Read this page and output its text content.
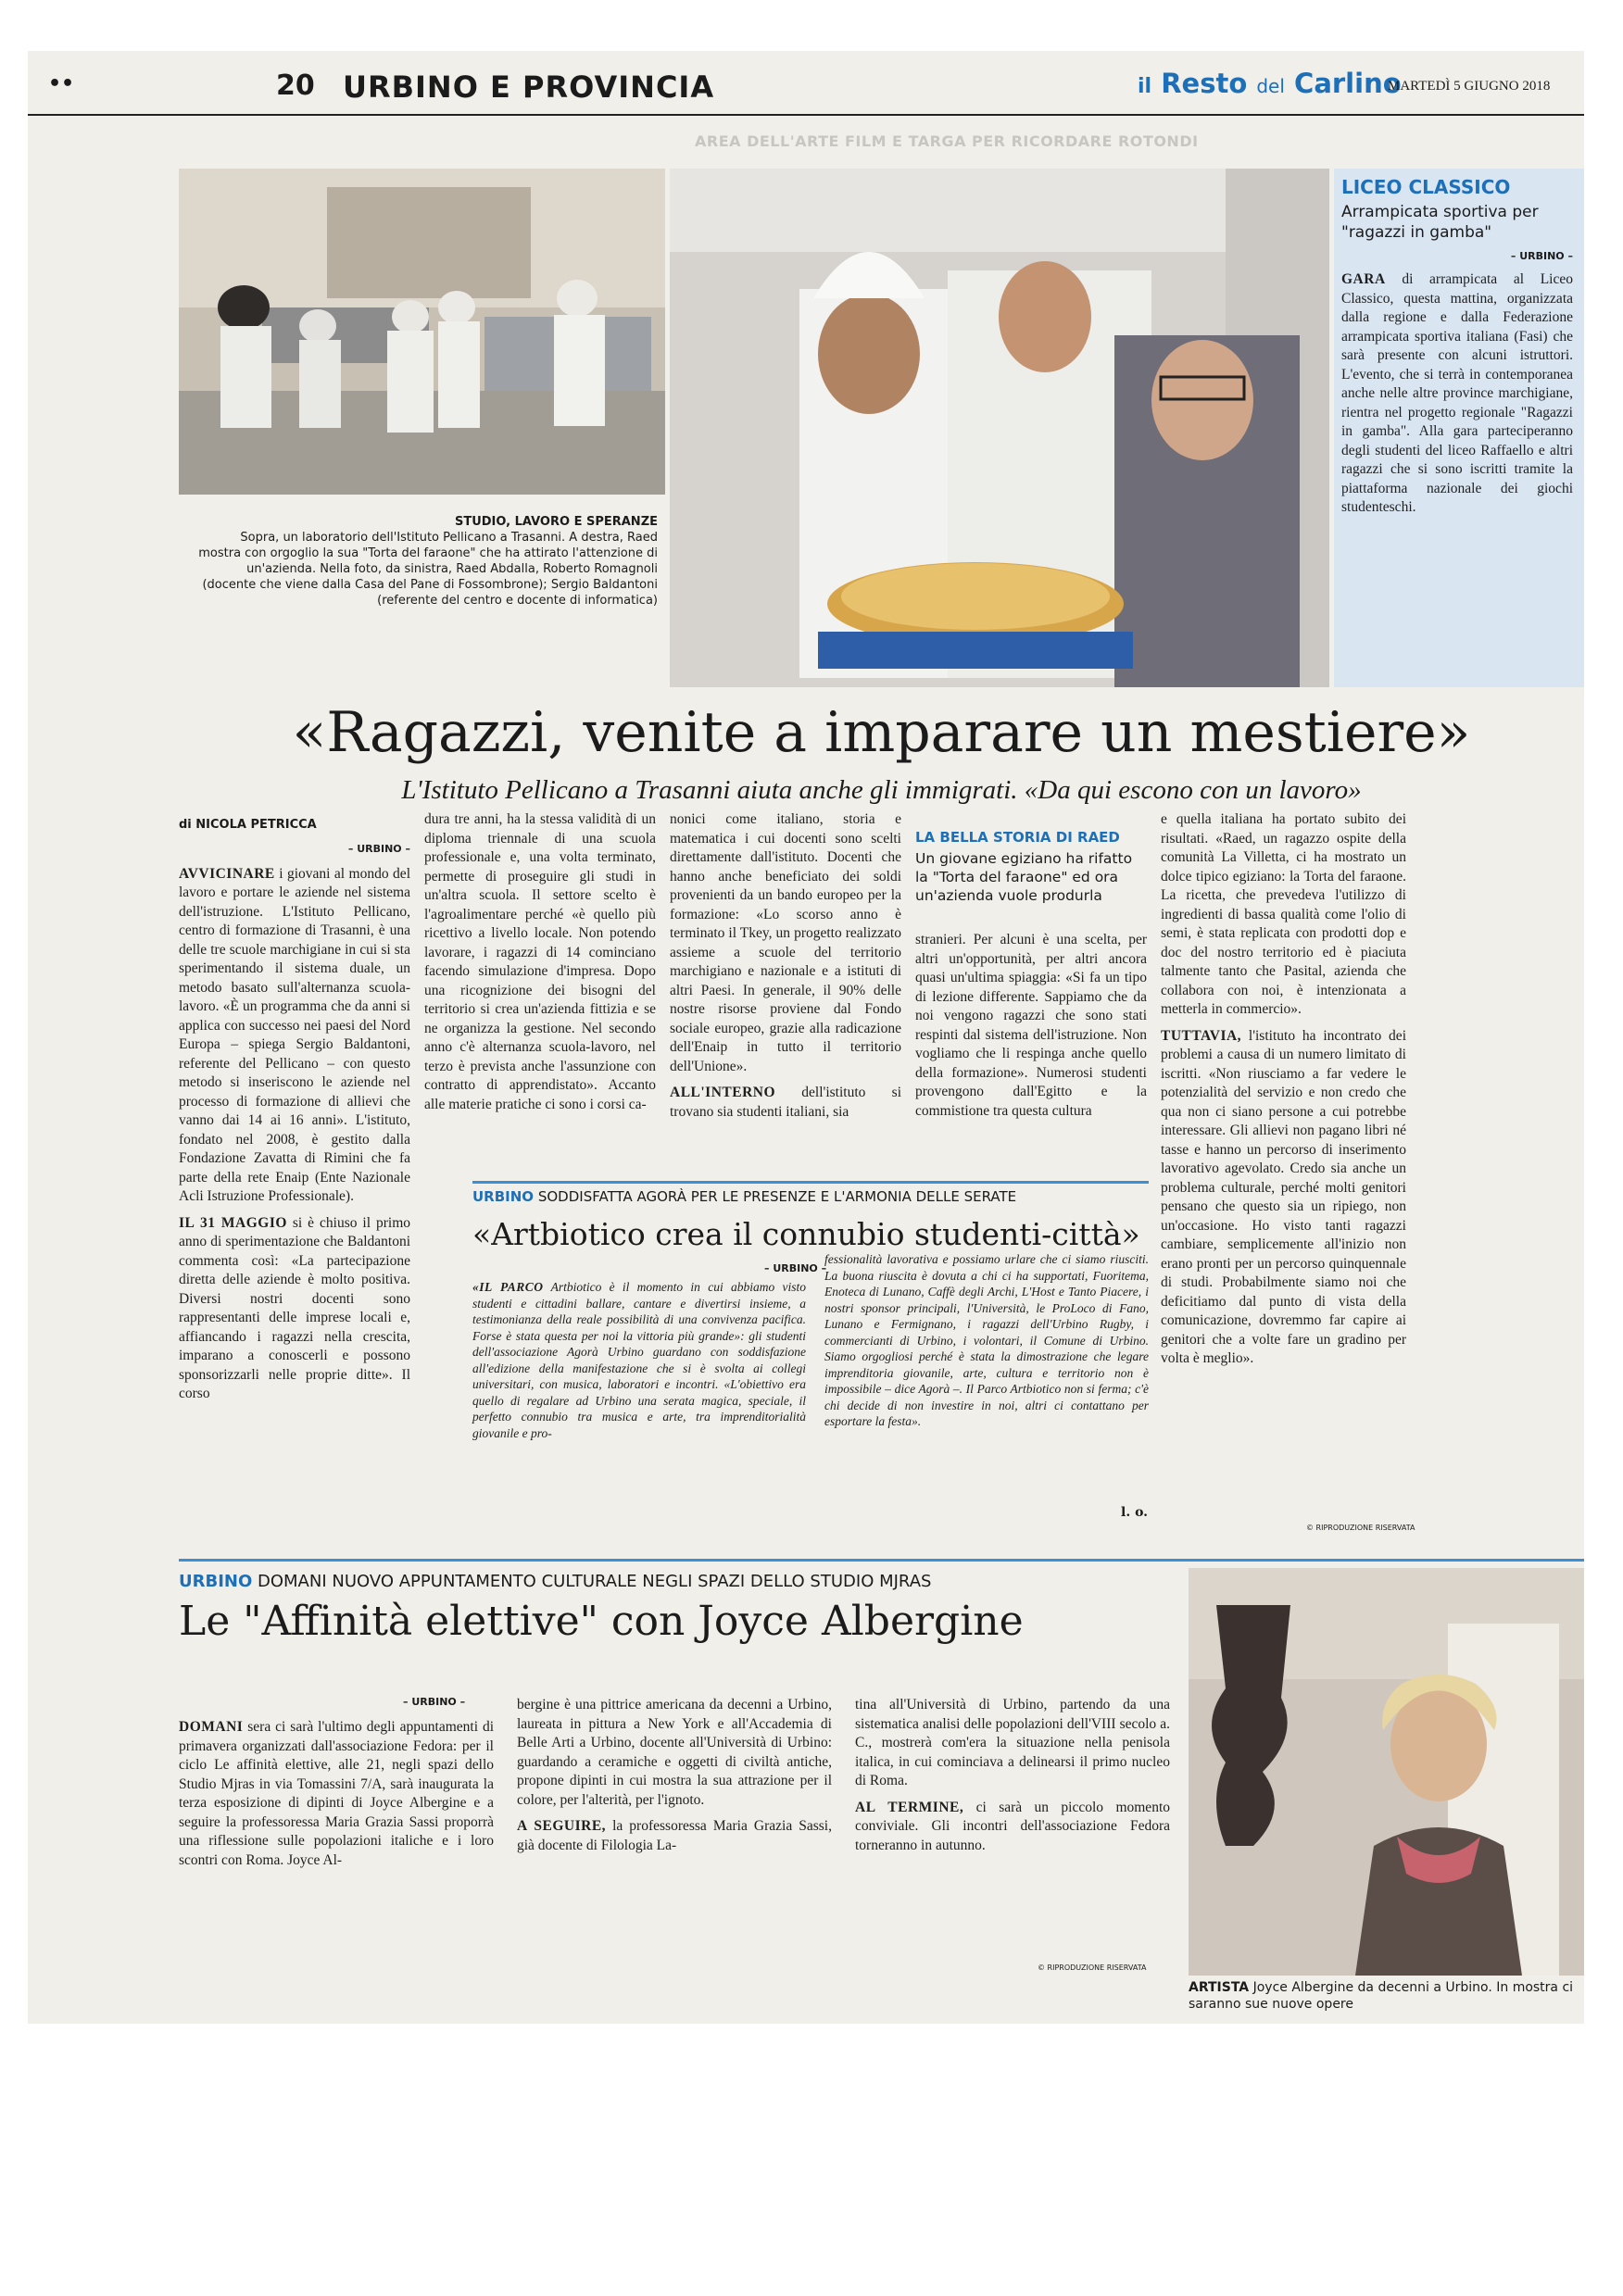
••	20 URBINO E PROVINCIA	il Resto del Carlino
MARTEDÌ 5 GIUGNO 2018
AREA DELL'ARTE FILM E TARGA PER RICORDARE ROTONDI
STUDIO, LAVORO E SPERANZE
Sopra, un laboratorio dell'Istituto Pellicano a Trasanni. A destra, Raed mostra con orgoglio la sua "Torta del faraone" che ha attirato l'attenzione di un'azienda. Nella foto, da sinistra, Raed Abdalla, Roberto Romagnoli (docente che viene dalla Casa del Pane di Fossombrone); Sergio Baldantoni (referente del centro e docente di informatica)
LICEO CLASSICO
Arrampicata sportiva per "ragazzi in gamba"
– URBINO –
GARA di arrampicata al Liceo Classico, questa mattina, organizzata dalla regione e dalla Federazione arrampicata sportiva italiana (Fasi) che sarà presente con alcuni istruttori. L'evento, che si terrà in contemporanea anche nelle altre province marchigiane, rientra nel progetto regionale "Ragazzi in gamba". Alla gara parteciperanno degli studenti del liceo Raffaello e altri ragazzi che si sono iscritti tramite la piattaforma nazionale dei giochi studenteschi.
«Ragazzi, venite a imparare un mestiere»
L'Istituto Pellicano a Trasanni aiuta anche gli immigrati. «Da qui escono con un lavoro»
di NICOLA PETRICCA
– URBINO –

AVVICINARE i giovani al mondo del lavoro e portare le aziende nel sistema dell'istruzione. L'Istituto Pellicano, centro di formazione di Trasanni, è una delle tre scuole marchigiane in cui si sta sperimentando il sistema duale, un metodo basato sull'alternanza scuola-lavoro. «È un programma che da anni si applica con successo nei paesi del Nord Europa – spiega Sergio Baldantoni, referente del Pellicano – con questo metodo si inseriscono le aziende nel processo di formazione di allievi che vanno dai 14 ai 16 anni». L'istituto, fondato nel 2008, è gestito dalla Fondazione Zavatta di Rimini che fa parte della rete Enaip (Ente Nazionale Acli Istruzione Professionale).

IL 31 MAGGIO si è chiuso il primo anno di sperimentazione che Baldantoni commenta così: «La partecipazione diretta delle aziende è molto positiva. Diversi nostri docenti sono rappresentanti delle imprese locali e, affiancando i ragazzi nella crescita, imparano a conoscerli e possono sponsorizzarli nelle proprie ditte». Il corso

dura tre anni, ha la stessa validità di un diploma triennale di una scuola professionale e, una volta terminato, permette di proseguire gli studi in un'altra scuola. Il settore scelto è l'agroalimentare perché «è quello più ricettivo a livello locale. Non potendo lavorare, i ragazzi di 14 cominciano facendo simulazione d'impresa. Dopo una ricognizione dei bisogni del territorio si crea un'azienda fittizia e se ne organizza la gestione. Nel secondo anno c'è alternanza scuola-lavoro, nel terzo è prevista anche l'assunzione con contratto di apprendistato». Accanto alle materie pratiche ci sono i corsi ca-

nonici come italiano, storia e matematica i cui docenti sono scelti direttamente dall'istituto. Docenti che hanno anche beneficiato dei soldi provenienti da un bando europeo per la formazione: «Lo scorso anno è terminato il Tkey, un progetto realizzato assieme a scuole del territorio marchigiano e nazionale e a istituti di altri Paesi. In generale, il 90% delle nostre risorse proviene dal Fondo sociale europeo, grazie alla radicazione dell'Enaip in tutto il territorio dell'Unione».

ALL'INTERNO dell'istituto si trovano sia studenti italiani, sia

LA BELLA STORIA DI RAED
Un giovane egiziano ha rifatto la "Torta del faraone" ed ora un'azienda vuole produrla

stranieri. Per alcuni è una scelta, per altri un'opportunità, per altri ancora quasi un'ultima spiaggia: «Si fa un tipo di lezione differente. Sappiamo che da noi vengono ragazzi che sono stati respinti dal sistema dell'istruzione. Non vogliamo che li respinga anche quello della formazione». Numerosi studenti provengono dall'Egitto e la commistione tra questa cultura

e quella italiana ha portato subito dei risultati. «Raed, un ragazzo ospite della comunità La Villetta, ci ha mostrato un dolce tipico egiziano: la Torta del faraone. La ricetta, che prevedeva l'utilizzo di ingredienti di bassa qualità come l'olio di semi, è stata replicata con prodotti dop e doc del nostro territorio ed è piaciuta talmente tanto che Pasital, azienda che collabora con noi, è intenzionata a metterla in commercio».

TUTTAVIA, l'istituto ha incontrato dei problemi a causa di un numero limitato di iscritti. «Non riusciamo a far vedere le potenzialità del servizio e non credo che qua non ci siano persone a cui potrebbe interessare. Gli allievi non pagano libri né tasse e hanno un percorso di inserimento lavorativo agevolato. Credo sia anche un problema culturale, perché molti genitori pensano che questo sia un ripiego, non un'occasione. Ho visto tanti ragazzi cambiare, semplicemente all'inizio non erano pronti per un percorso quinquennale di studi. Probabilmente siamo noi che deficitiamo dal punto di vista della comunicazione, dovremmo far capire ai genitori che a volte fare un gradino per volta è meglio».

© RIPRODUZIONE RISERVATA
URBINO SODDISFATTA AGORÀ PER LE PRESENZE E L'ARMONIA DELLE SERATE
«Artbiotico crea il connubio studenti-città»
– URBINO –
«IL PARCO Artbiotico è il momento in cui abbiamo visto studenti e cittadini ballare, cantare e divertirsi insieme, a testimonianza della reale possibilità di una convivenza pacifica. Forse è stata questa per noi la vittoria più grande»: gli studenti dell'associazione Agorà Urbino guardano con soddisfazione all'edizione della manifestazione che si è svolta ai collegi universitari, con musica, laboratori e incontri. «L'obiettivo era quello di regalare ad Urbino una serata magica, speciale, il perfetto connubio tra musica e arte, tra imprenditorialità giovanile e pro-
fessionalità lavorativa e possiamo urlare che ci siamo riusciti. La buona riuscita è dovuta a chi ci ha supportati, Fuoritema, Enoteca di Lunano, Caffè degli Archi, L'Host e Tanto Piacere, i nostri sponsor principali, l'Università, le ProLoco di Fano, Lunano e Fermignano, i ragazzi dell'Urbino Rugby, i commercianti di Urbino, i volontari, il Comune di Urbino. Siamo orgogliosi perché è stata la dimostrazione che legare imprenditoria giovanile, arte, cultura e territorio non è impossibile – dice Agorà –. Il Parco Artbiotico non si ferma; c'è chi decide di non investire in noi, altri ci contattano per esportare la festa».
l. o.
URBINO DOMANI NUOVO APPUNTAMENTO CULTURALE NEGLI SPAZI DELLO STUDIO MJRAS
Le "Affinità elettive" con Joyce Albergine
– URBINO –
DOMANI sera ci sarà l'ultimo degli appuntamenti di primavera organizzati dall'associazione Fedora: per il ciclo Le affinità elettive, alle 21, negli spazi dello Studio Mjras in via Tomassini 7/A, sarà inaugurata la terza esposizione di dipinti di Joyce Albergine e a seguire la professoressa Maria Grazia Sassi proporrà una riflessione sulle popolazioni italiche e i loro scontri con Roma. Joyce Al-

bergine è una pittrice americana da decenni a Urbino, laureata in pittura a New York e all'Accademia di Belle Arti a Urbino, docente all'Università di Urbino: guardando a ceramiche e oggetti di civiltà antiche, propone dipinti in cui mostra la sua attrazione per il colore, per l'alterità, per l'ignoto.

A SEGUIRE, la professoressa Maria Grazia Sassi, già docente di Filologia La-

tina all'Università di Urbino, partendo da una sistematica analisi delle popolazioni dell'VIII secolo a. C., mostrerà com'era la situazione nella penisola italica, in cui cominciava a delinearsi il primo nucleo di Roma.

AL TERMINE, ci sarà un piccolo momento conviviale. Gli incontri dell'associazione Fedora torneranno in autunno.

© RIPRODUZIONE RISERVATA
ARTISTA Joyce Albergine da decenni a Urbino. In mostra ci saranno sue nuove opere
